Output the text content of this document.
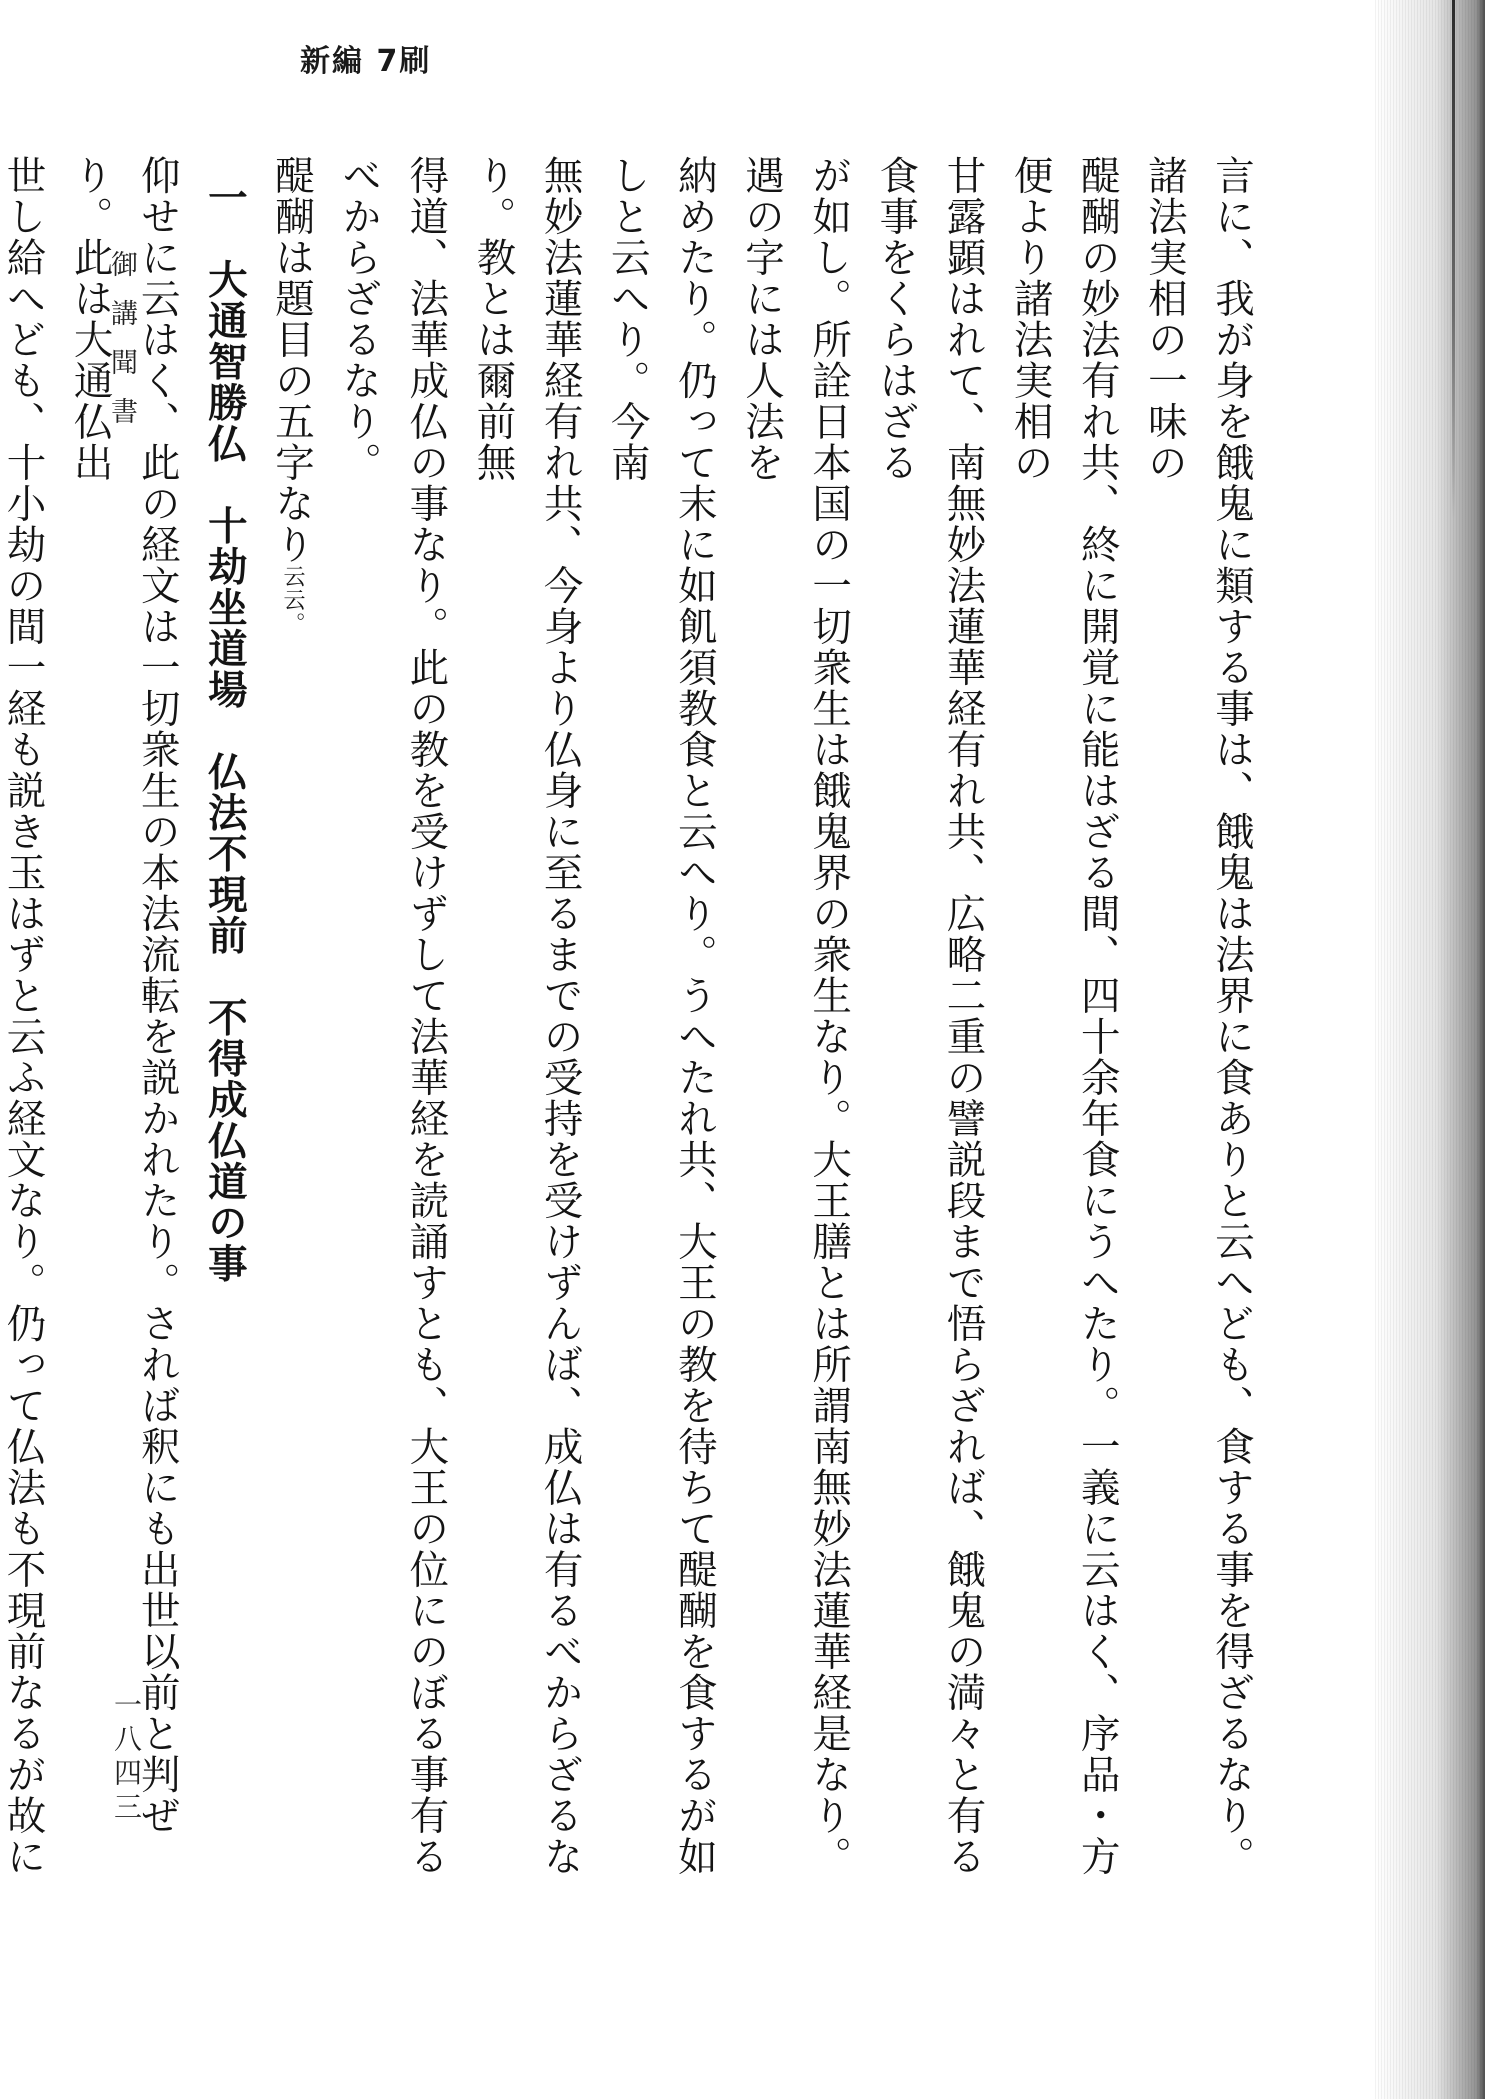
新編 7刷
御講聞書
一八四三	言に、我が身を餓鬼に類する事は、餓鬼は法界に食ありと云へども、食する事を得ざるなり。諸法実相の一味の

醍醐の妙法有れ共、終に開覚に能はざる間、四十余年食にうへたり。一義に云はく、序品・方便より諸法実相の

甘露顕はれて、南無妙法蓮華経有れ共、広略二重の譬説段まで悟らざれば、餓鬼の満々と有る食事をくらはざる

が如し。所詮日本国の一切衆生は餓鬼界の衆生なり。大王膳とは所謂南無妙法蓮華経是なり。遇の字には人法を

納めたり。仍って末に如飢須教食と云へり。うへたれ共、大王の教を待ちて醍醐を食するが如しと云へり。今南

無妙法蓮華経有れ共、今身より仏身に至るまでの受持を受けずんば、成仏は有るべからざるなり。教とは爾前無

得道、法華成仏の事なり。此の教を受けずして法華経を読誦すとも、大王の位にのぼる事有るべからざるなり。

醍醐は題目の五字なり云云。

一　大通智勝仏　十劫坐道場　仏法不現前　不得成仏道の事

仰せに云はく、此の経文は一切衆生の本法流転を説かれたり。されば釈にも出世以前と判ぜり。此は大通仏出

世し給へども、十小劫の間一経も説き玉はずと云ふ経文なり。仍って仏法も不現前なるが故に
